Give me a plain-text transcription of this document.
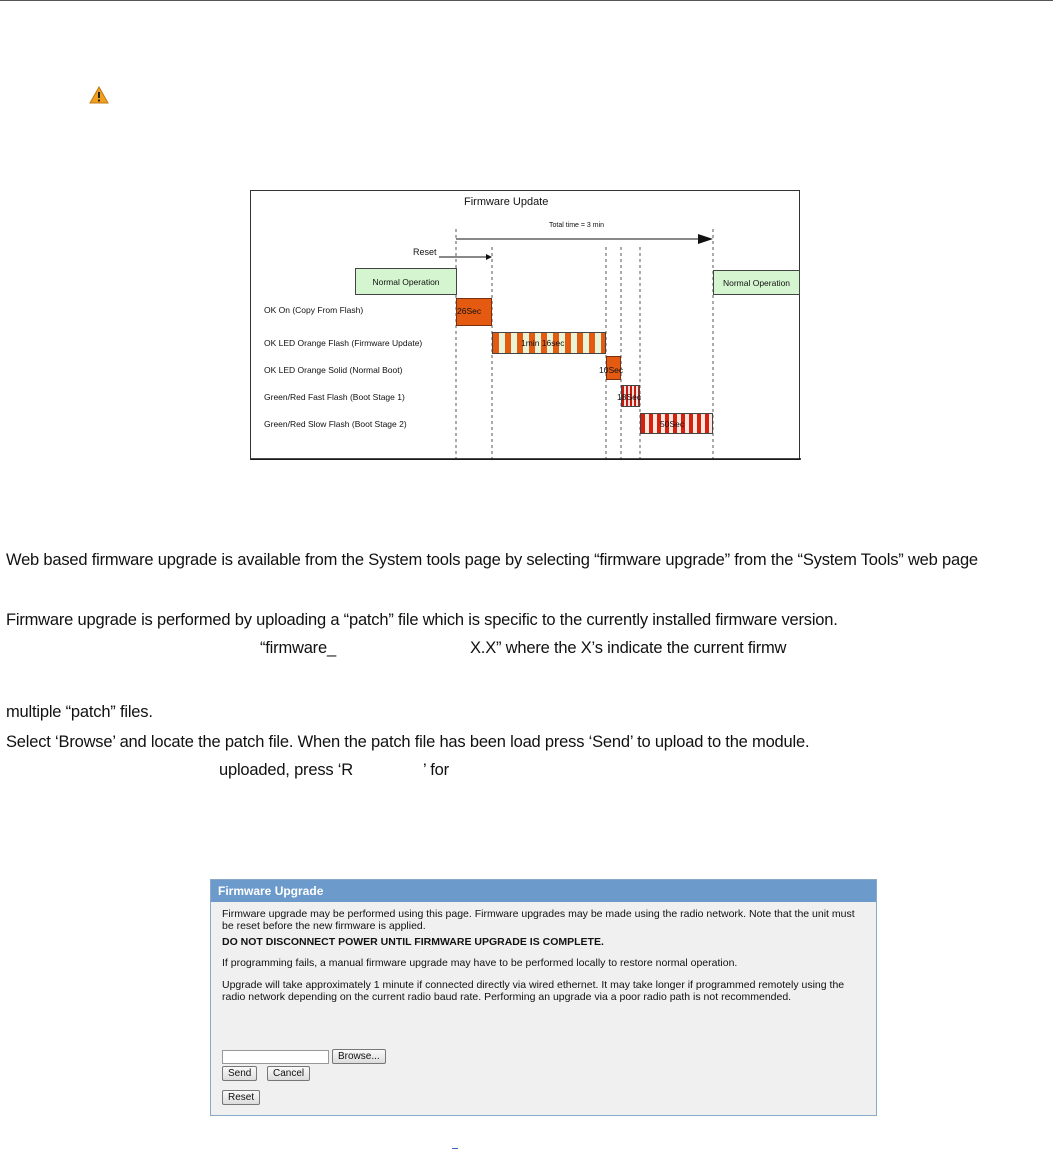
Firmware Update
Total time = 3 min
Reset
Normal Operation	Normal Operation
OK On (Copy From Flash)
OK LED Orange Flash (Firmware Update)
OK LED Orange Solid (Normal Boot)
Green/Red Fast Flash (Boot Stage 1)
Green/Red Slow Flash (Boot Stage 2)
26Sec
1min 16sec
10Sec
18Sec
50Sec

Web based firmware upgrade is available from the System tools page by selecting “firmware upgrade” from the “System Tools” web page

Firmware upgrade is performed by uploading a “patch” file which is specific to the currently installed firmware version.

“firmware_	X.X” where the X’s indicate the current firmw

multiple “patch” files.

Select ‘Browse’ and locate the patch file. When the patch file has been load press ‘Send’ to upload to the module.

uploaded, press ‘R	’ for

Firmware Upgrade

Firmware upgrade may be performed using this page. Firmware upgrades may be made using the radio network. Note that the unit must be reset before the new firmware is applied.

DO NOT DISCONNECT POWER UNTIL FIRMWARE UPGRADE IS COMPLETE.

If programming fails, a manual firmware upgrade may have to be performed locally to restore normal operation.

Upgrade will take approximately 1 minute if connected directly via wired ethernet. It may take longer if programmed remotely using the radio network depending on the current radio baud rate. Performing an upgrade via a poor radio path is not recommended.

Browse...
Send	Cancel
Reset
